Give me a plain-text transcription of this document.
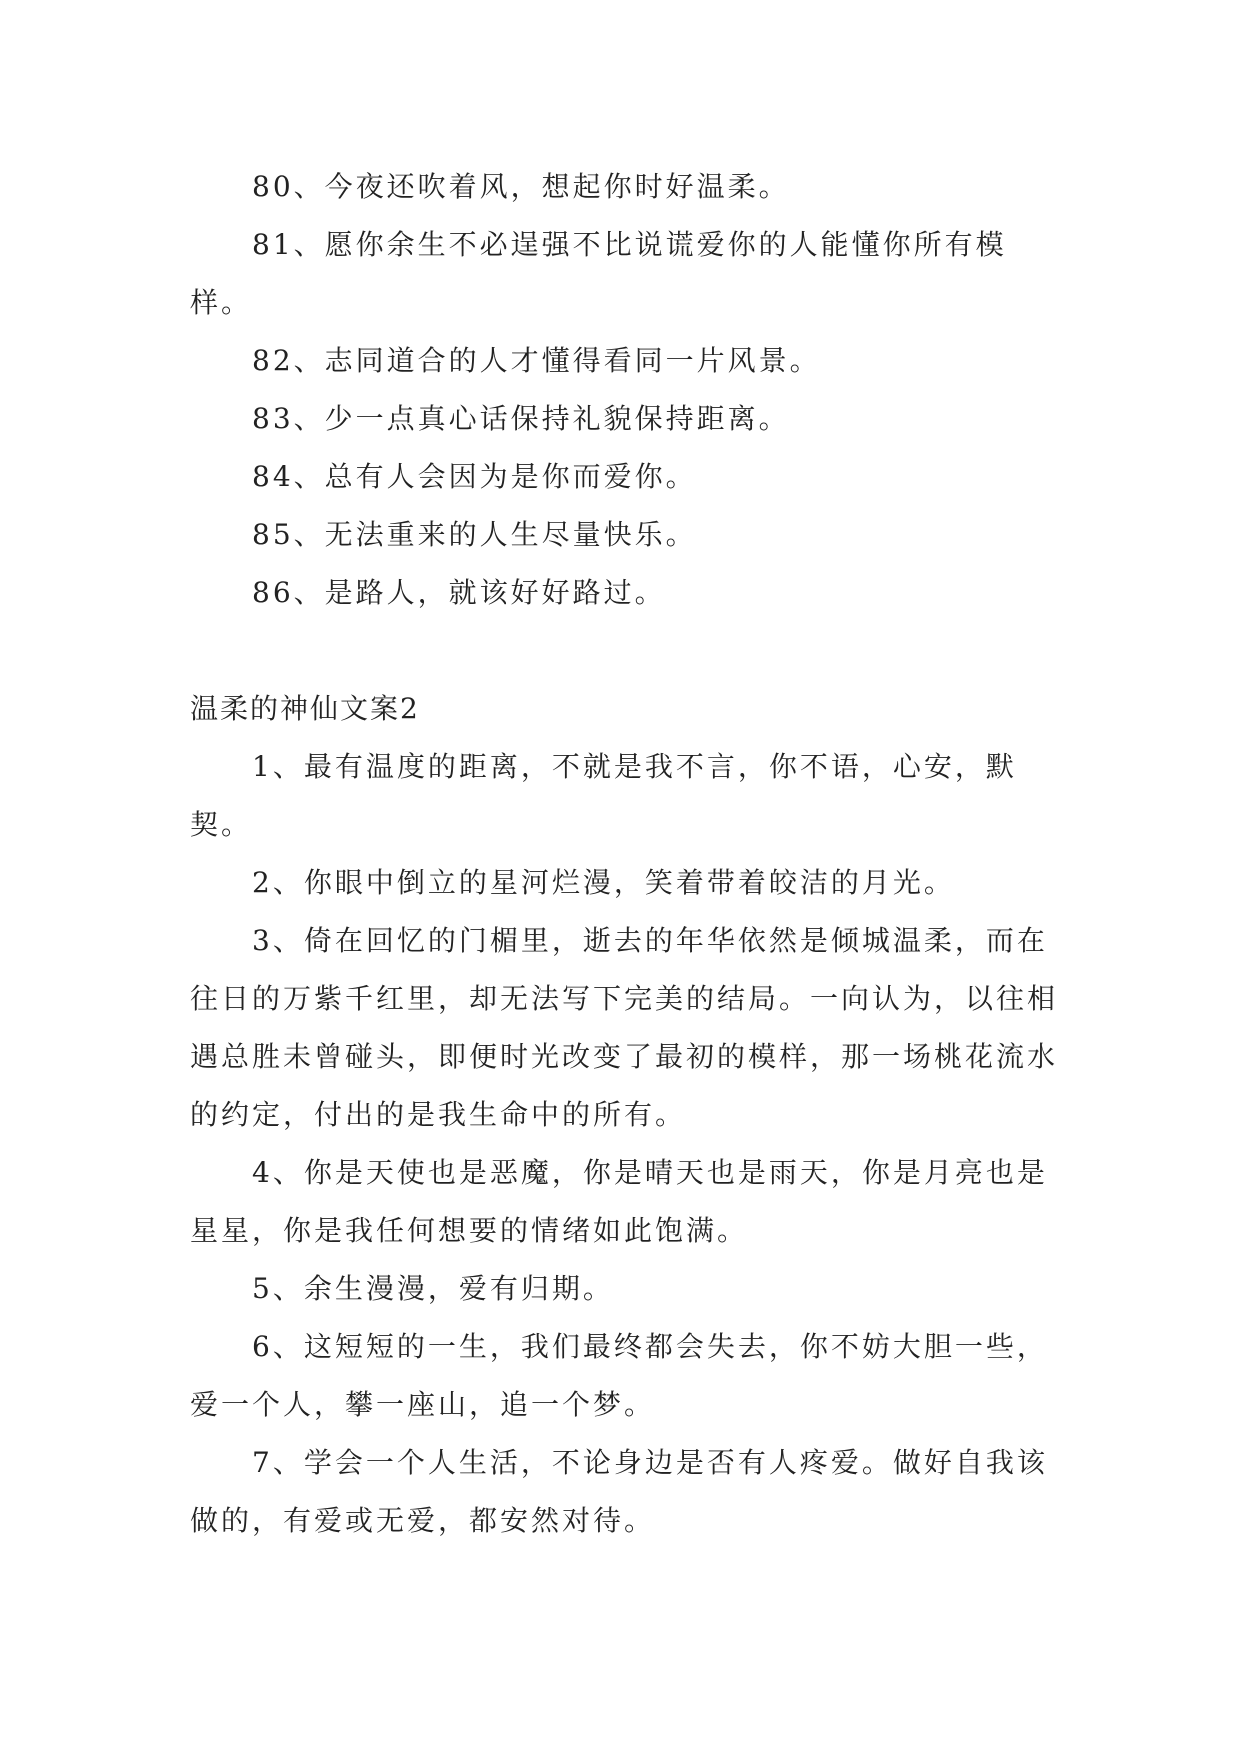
80、今夜还吹着风，想起你时好温柔。

81、愿你余生不必逞强不比说谎爱你的人能懂你所有模样。

82、志同道合的人才懂得看同一片风景。

83、少一点真心话保持礼貌保持距离。

84、总有人会因为是你而爱你。

85、无法重来的人生尽量快乐。

86、是路人，就该好好路过。

温柔的神仙文案2

1、最有温度的距离，不就是我不言，你不语，心安，默契。

2、你眼中倒立的星河烂漫，笑着带着皎洁的月光。

3、倚在回忆的门楣里，逝去的年华依然是倾城温柔，而在往日的万紫千红里，却无法写下完美的结局。一向认为，以往相遇总胜未曾碰头，即便时光改变了最初的模样，那一场桃花流水的约定，付出的是我生命中的所有。

4、你是天使也是恶魔，你是晴天也是雨天，你是月亮也是星星，你是我任何想要的情绪如此饱满。

5、余生漫漫，爱有归期。

6、这短短的一生，我们最终都会失去，你不妨大胆一些，爱一个人，攀一座山，追一个梦。

7、学会一个人生活，不论身边是否有人疼爱。做好自我该做的，有爱或无爱，都安然对待。
